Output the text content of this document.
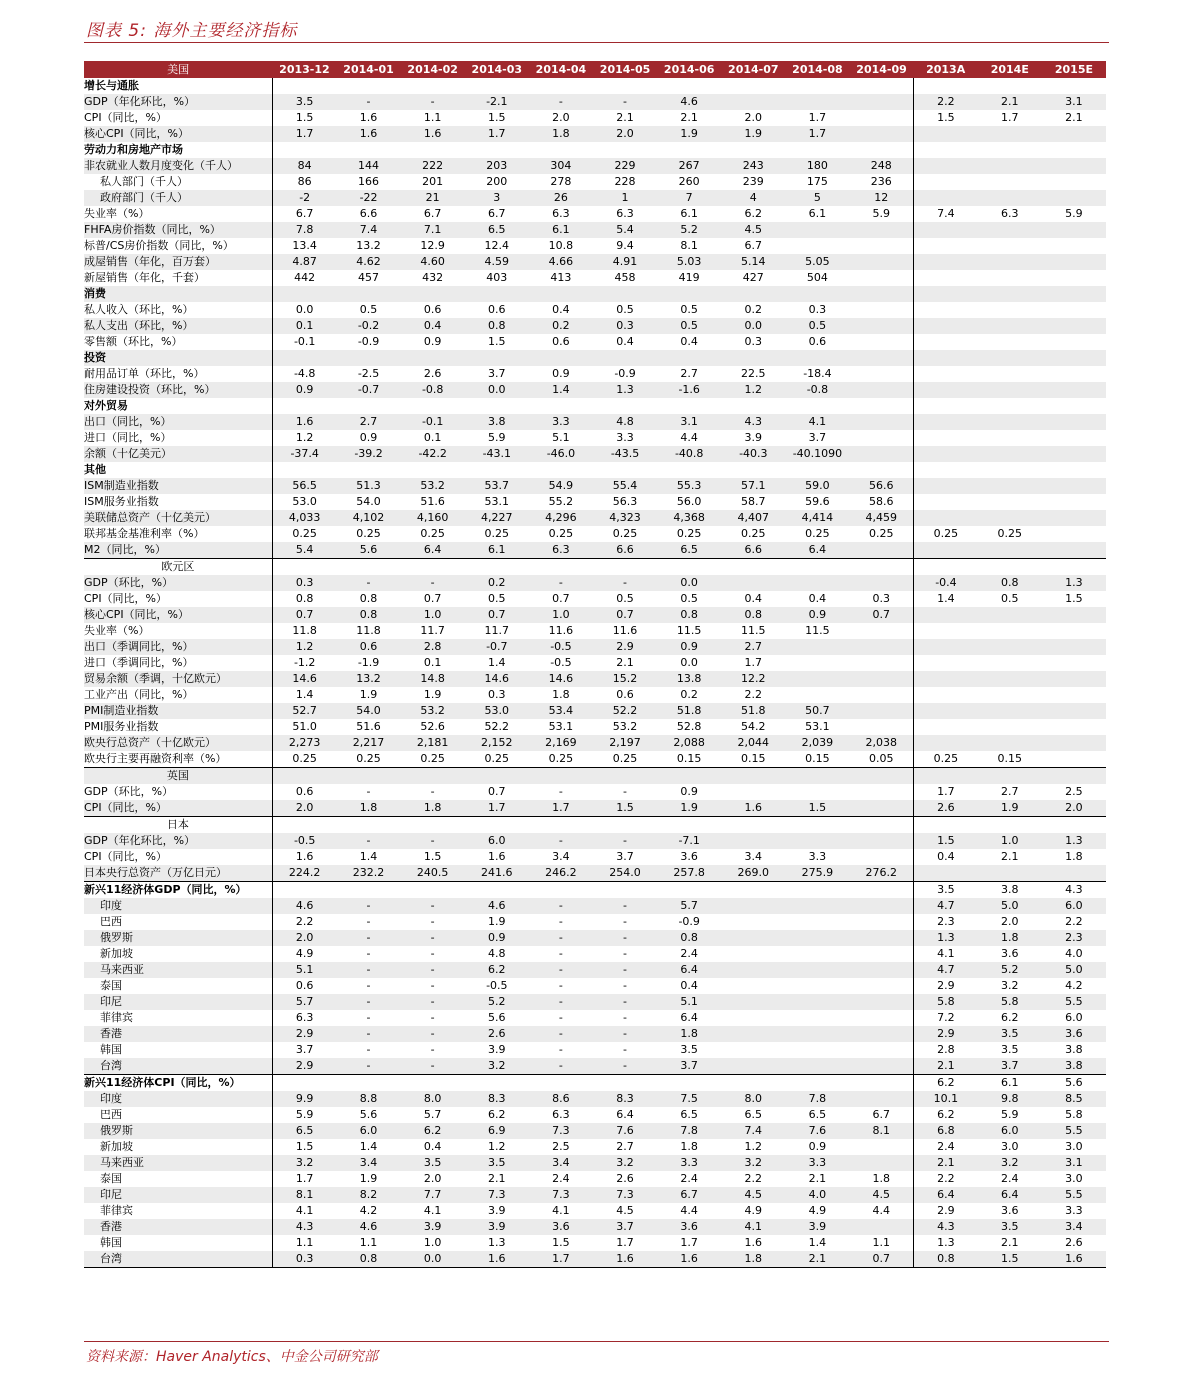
图表 5: 海外主要经济指标
美国	2013-12	2014-01	2014-02	2014-03	2014-04	2014-05	2014-06	2014-07	2014-08	2014-09	2013A	2014E	2015E
增长与通胀													
GDP（年化环比，%）	3.5	-	-	-2.1	-	-	4.6				2.2	2.1	3.1
CPI（同比，%）	1.5	1.6	1.1	1.5	2.0	2.1	2.1	2.0	1.7		1.5	1.7	2.1
核心CPI（同比，%）	1.7	1.6	1.6	1.7	1.8	2.0	1.9	1.9	1.7				
劳动力和房地产市场													
非农就业人数月度变化（千人）	84	144	222	203	304	229	267	243	180	248			
私人部门（千人）	86	166	201	200	278	228	260	239	175	236			
政府部门（千人）	-2	-22	21	3	26	1	7	4	5	12			
失业率（%）	6.7	6.6	6.7	6.7	6.3	6.3	6.1	6.2	6.1	5.9	7.4	6.3	5.9
FHFA房价指数（同比，%）	7.8	7.4	7.1	6.5	6.1	5.4	5.2	4.5					
标普/CS房价指数（同比，%）	13.4	13.2	12.9	12.4	10.8	9.4	8.1	6.7					
成屋销售（年化，百万套）	4.87	4.62	4.60	4.59	4.66	4.91	5.03	5.14	5.05				
新屋销售（年化，千套）	442	457	432	403	413	458	419	427	504				
消费													
私人收入（环比，%）	0.0	0.5	0.6	0.6	0.4	0.5	0.5	0.2	0.3				
私人支出（环比，%）	0.1	-0.2	0.4	0.8	0.2	0.3	0.5	0.0	0.5				
零售额（环比，%）	-0.1	-0.9	0.9	1.5	0.6	0.4	0.4	0.3	0.6				
投资													
耐用品订单（环比，%）	-4.8	-2.5	2.6	3.7	0.9	-0.9	2.7	22.5	-18.4				
住房建设投资（环比，%）	0.9	-0.7	-0.8	0.0	1.4	1.3	-1.6	1.2	-0.8				
对外贸易													
出口（同比，%）	1.6	2.7	-0.1	3.8	3.3	4.8	3.1	4.3	4.1				
进口（同比，%）	1.2	0.9	0.1	5.9	5.1	3.3	4.4	3.9	3.7				
余额（十亿美元）	-37.4	-39.2	-42.2	-43.1	-46.0	-43.5	-40.8	-40.3	-40.1090				
其他													
ISM制造业指数	56.5	51.3	53.2	53.7	54.9	55.4	55.3	57.1	59.0	56.6			
ISM服务业指数	53.0	54.0	51.6	53.1	55.2	56.3	56.0	58.7	59.6	58.6			
美联储总资产（十亿美元）	4,033	4,102	4,160	4,227	4,296	4,323	4,368	4,407	4,414	4,459			
联邦基金基准利率（%）	0.25	0.25	0.25	0.25	0.25	0.25	0.25	0.25	0.25	0.25	0.25	0.25	
M2（同比，%）	5.4	5.6	6.4	6.1	6.3	6.6	6.5	6.6	6.4				
欧元区													
GDP（环比，%）	0.3	-	-	0.2	-	-	0.0				-0.4	0.8	1.3
CPI（同比，%）	0.8	0.8	0.7	0.5	0.7	0.5	0.5	0.4	0.4	0.3	1.4	0.5	1.5
核心CPI（同比，%）	0.7	0.8	1.0	0.7	1.0	0.7	0.8	0.8	0.9	0.7			
失业率（%）	11.8	11.8	11.7	11.7	11.6	11.6	11.5	11.5	11.5				
出口（季调同比，%）	1.2	0.6	2.8	-0.7	-0.5	2.9	0.9	2.7					
进口（季调同比，%）	-1.2	-1.9	0.1	1.4	-0.5	2.1	0.0	1.7					
贸易余额（季调，十亿欧元）	14.6	13.2	14.8	14.6	14.6	15.2	13.8	12.2					
工业产出（同比，%）	1.4	1.9	1.9	0.3	1.8	0.6	0.2	2.2					
PMI制造业指数	52.7	54.0	53.2	53.0	53.4	52.2	51.8	51.8	50.7				
PMI服务业指数	51.0	51.6	52.6	52.2	53.1	53.2	52.8	54.2	53.1				
欧央行总资产（十亿欧元）	2,273	2,217	2,181	2,152	2,169	2,197	2,088	2,044	2,039	2,038			
欧央行主要再融资利率（%）	0.25	0.25	0.25	0.25	0.25	0.25	0.15	0.15	0.15	0.05	0.25	0.15	
英国													
GDP（环比，%）	0.6	-	-	0.7	-	-	0.9				1.7	2.7	2.5
CPI（同比，%）	2.0	1.8	1.8	1.7	1.7	1.5	1.9	1.6	1.5		2.6	1.9	2.0
日本													
GDP（年化环比，%）	-0.5	-	-	6.0	-	-	-7.1				1.5	1.0	1.3
CPI（同比，%）	1.6	1.4	1.5	1.6	3.4	3.7	3.6	3.4	3.3		0.4	2.1	1.8
日本央行总资产（万亿日元）	224.2	232.2	240.5	241.6	246.2	254.0	257.8	269.0	275.9	276.2			
新兴11经济体GDP（同比，%）											3.5	3.8	4.3
印度	4.6	-	-	4.6	-	-	5.7				4.7	5.0	6.0
巴西	2.2	-	-	1.9	-	-	-0.9				2.3	2.0	2.2
俄罗斯	2.0	-	-	0.9	-	-	0.8				1.3	1.8	2.3
新加坡	4.9	-	-	4.8	-	-	2.4				4.1	3.6	4.0
马来西亚	5.1	-	-	6.2	-	-	6.4				4.7	5.2	5.0
泰国	0.6	-	-	-0.5	-	-	0.4				2.9	3.2	4.2
印尼	5.7	-	-	5.2	-	-	5.1				5.8	5.8	5.5
菲律宾	6.3	-	-	5.6	-	-	6.4				7.2	6.2	6.0
香港	2.9	-	-	2.6	-	-	1.8				2.9	3.5	3.6
韩国	3.7	-	-	3.9	-	-	3.5				2.8	3.5	3.8
台湾	2.9	-	-	3.2	-	-	3.7				2.1	3.7	3.8
新兴11经济体CPI（同比，%）											6.2	6.1	5.6
印度	9.9	8.8	8.0	8.3	8.6	8.3	7.5	8.0	7.8		10.1	9.8	8.5
巴西	5.9	5.6	5.7	6.2	6.3	6.4	6.5	6.5	6.5	6.7	6.2	5.9	5.8
俄罗斯	6.5	6.0	6.2	6.9	7.3	7.6	7.8	7.4	7.6	8.1	6.8	6.0	5.5
新加坡	1.5	1.4	0.4	1.2	2.5	2.7	1.8	1.2	0.9		2.4	3.0	3.0
马来西亚	3.2	3.4	3.5	3.5	3.4	3.2	3.3	3.2	3.3		2.1	3.2	3.1
泰国	1.7	1.9	2.0	2.1	2.4	2.6	2.4	2.2	2.1	1.8	2.2	2.4	3.0
印尼	8.1	8.2	7.7	7.3	7.3	7.3	6.7	4.5	4.0	4.5	6.4	6.4	5.5
菲律宾	4.1	4.2	4.1	3.9	4.1	4.5	4.4	4.9	4.9	4.4	2.9	3.6	3.3
香港	4.3	4.6	3.9	3.9	3.6	3.7	3.6	4.1	3.9		4.3	3.5	3.4
韩国	1.1	1.1	1.0	1.3	1.5	1.7	1.7	1.6	1.4	1.1	1.3	2.1	2.6
台湾	0.3	0.8	0.0	1.6	1.7	1.6	1.6	1.8	2.1	0.7	0.8	1.5	1.6
资料来源：Haver Analytics、中金公司研究部
